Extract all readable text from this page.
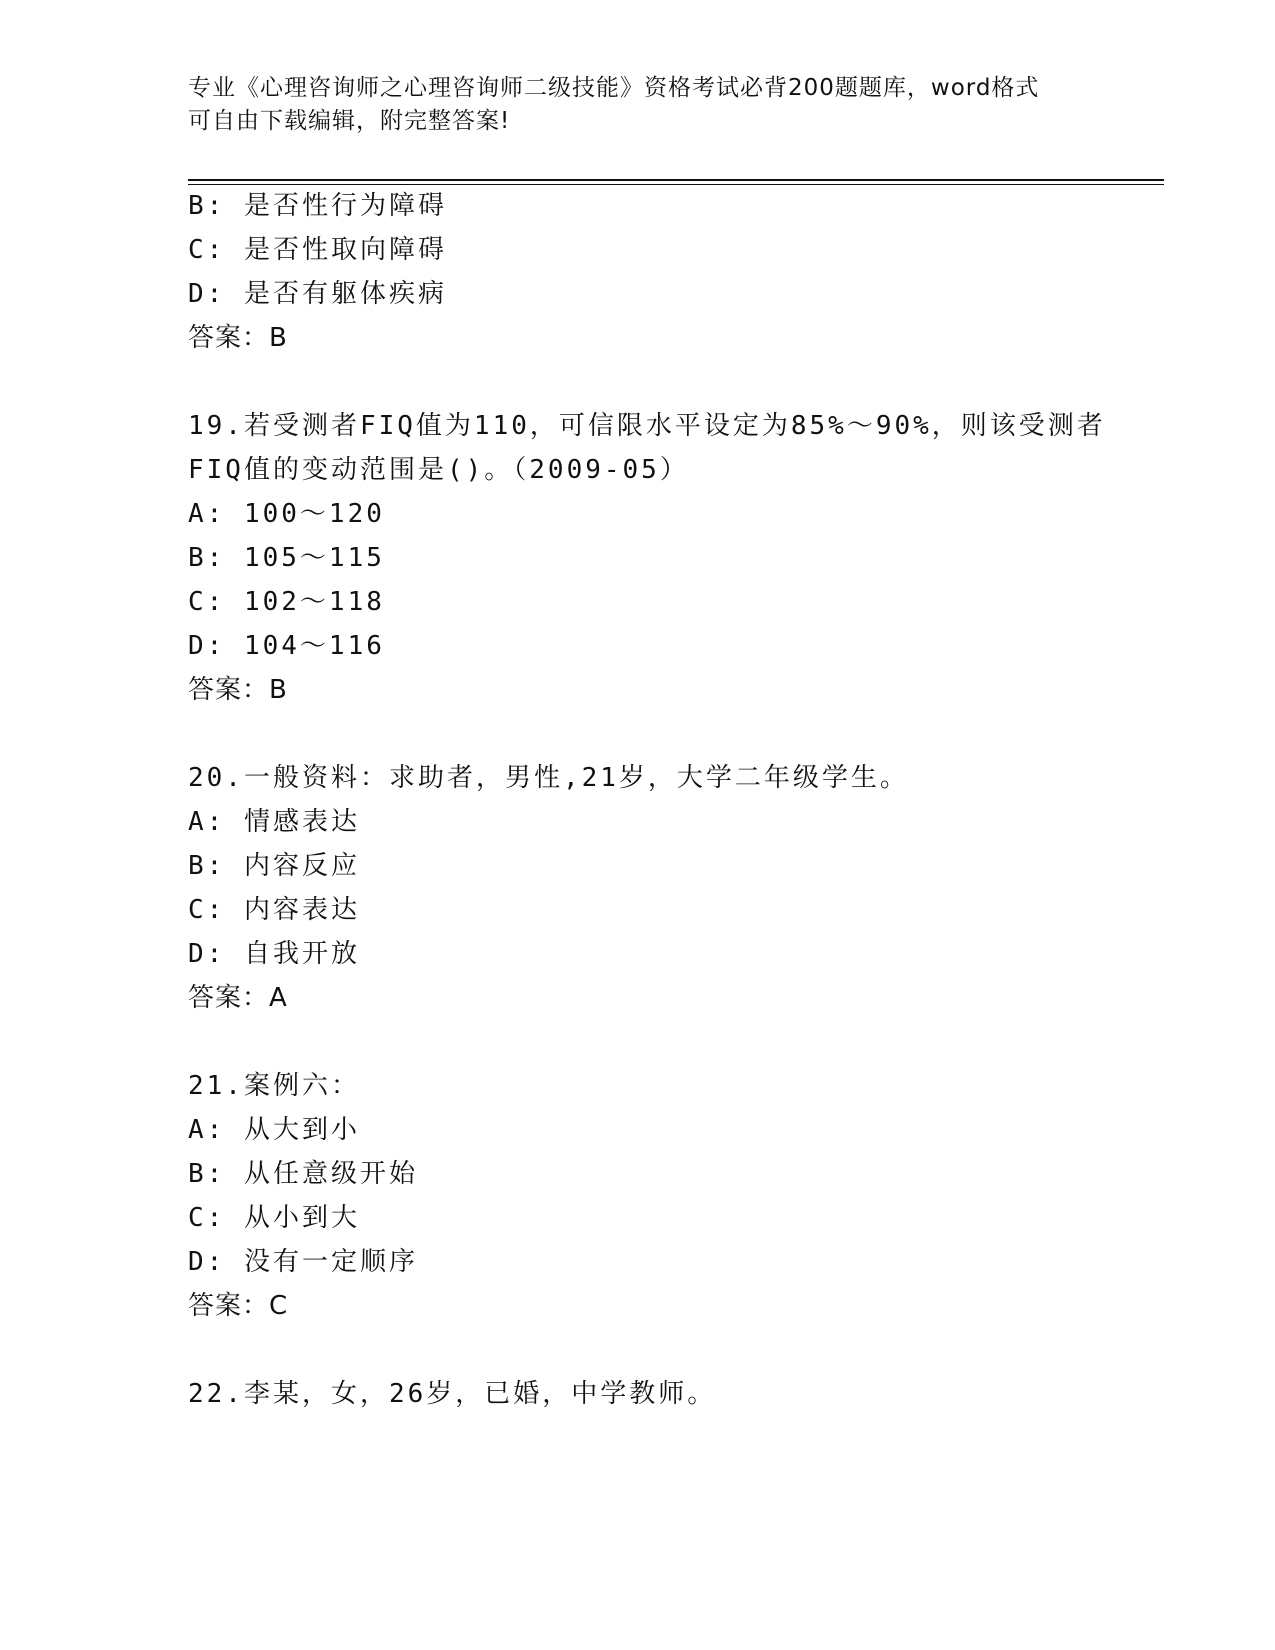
专业《心理咨询师之心理咨询师二级技能》资格考试必背200题题库，word格式
可自由下载编辑，附完整答案!
B: 是否性行为障碍
C: 是否性取向障碍
D: 是否有躯体疾病
答案：B
19.若受测者FIQ值为110，可信限水平设定为85%～90%，则该受测者
FIQ值的变动范围是()。（2009-05）
A: 100～120
B: 105～115
C: 102～118
D: 104～116
答案：B
20.一般资料：求助者，男性,21岁，大学二年级学生。
A: 情感表达
B: 内容反应
C: 内容表达
D: 自我开放
答案：A
21.案例六：
A: 从大到小
B: 从任意级开始
C: 从小到大
D: 没有一定顺序
答案：C
22.李某，女，26岁，已婚，中学教师。
